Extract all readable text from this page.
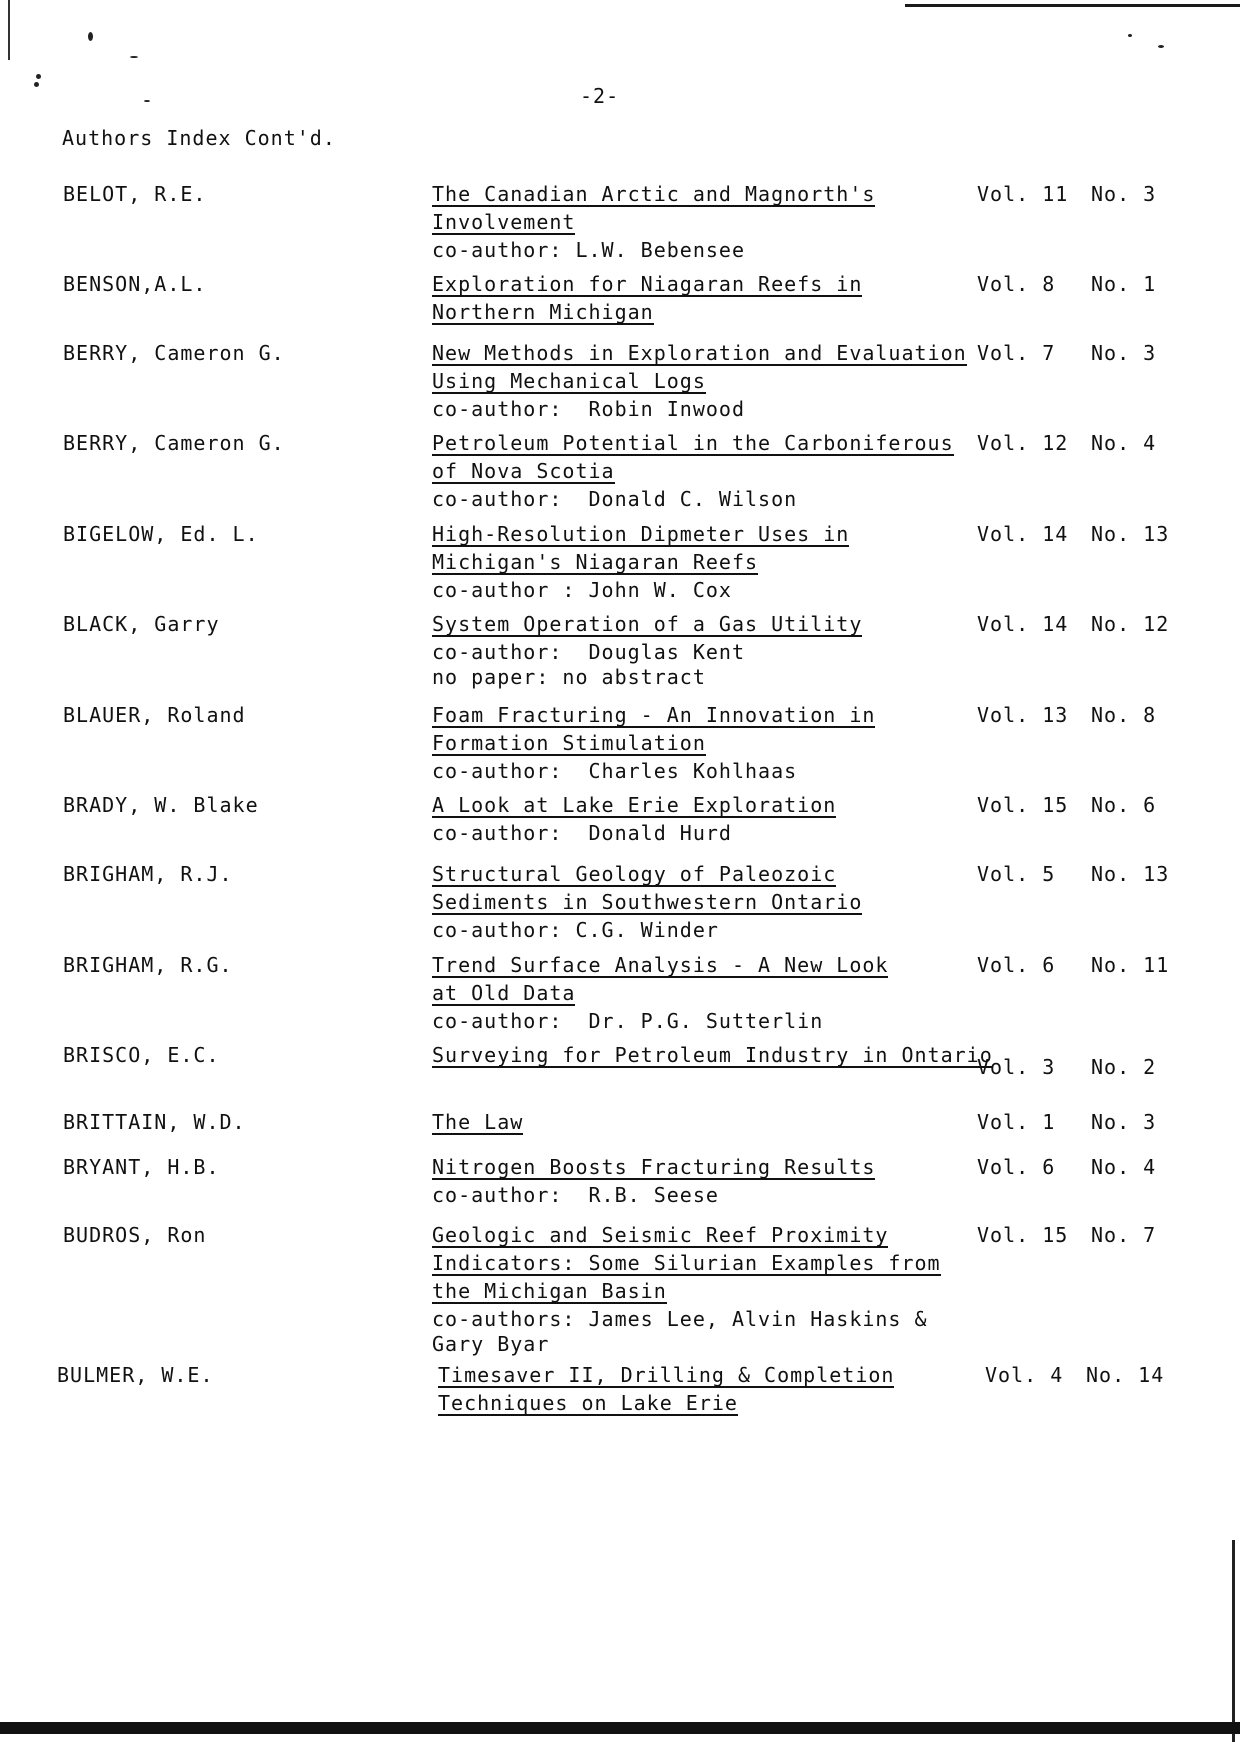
-2-
Authors Index Cont'd.
BELOT, R.E.	The Canadian Arctic and Magnorth's
Involvement
co-author: L.W. Bebensee
Vol. 11 No. 3
BENSON,A.L.	Exploration for Niagaran Reefs in
Northern Michigan
Vol. 8 No. 1
BERRY, Cameron G.	New Methods in Exploration and Evaluation
Using Mechanical Logs
co-author:  Robin Inwood
Vol. 7 No. 3
BERRY, Cameron G.	Petroleum Potential in the Carboniferous
of Nova Scotia
co-author:  Donald C. Wilson
Vol. 12 No. 4
BIGELOW, Ed. L.	High-Resolution Dipmeter Uses in
Michigan's Niagaran Reefs
co-author : John W. Cox
Vol. 14 No. 13
BLACK, Garry	System Operation of a Gas Utility
co-author:  Douglas Kent
no paper: no abstract
Vol. 14 No. 12
BLAUER, Roland	Foam Fracturing - An Innovation in
Formation Stimulation
co-author:  Charles Kohlhaas
Vol. 13 No. 8
BRADY, W. Blake	A Look at Lake Erie Exploration
co-author:  Donald Hurd
Vol. 15 No. 6
BRIGHAM, R.J.	Structural Geology of Paleozoic
Sediments in Southwestern Ontario
co-author: C.G. Winder
Vol. 5 No. 13
BRIGHAM, R.G.	Trend Surface Analysis - A New Look
at Old Data
co-author:  Dr. P.G. Sutterlin
Vol. 6 No. 11
BRISCO, E.C.	Surveying for Petroleum Industry in Ontario
Vol. 3 No. 2
BRITTAIN, W.D.	The Law	Vol. 1 No. 3
BRYANT, H.B.	Nitrogen Boosts Fracturing Results
co-author:  R.B. Seese
Vol. 6 No. 4
BUDROS, Ron	Geologic and Seismic Reef Proximity
Indicators: Some Silurian Examples from
the Michigan Basin
co-authors: James Lee, Alvin Haskins &
Gary Byar
Vol. 15 No. 7
BULMER, W.E.	Timesaver II, Drilling & Completion
Techniques on Lake Erie
Vol. 4 No. 14
